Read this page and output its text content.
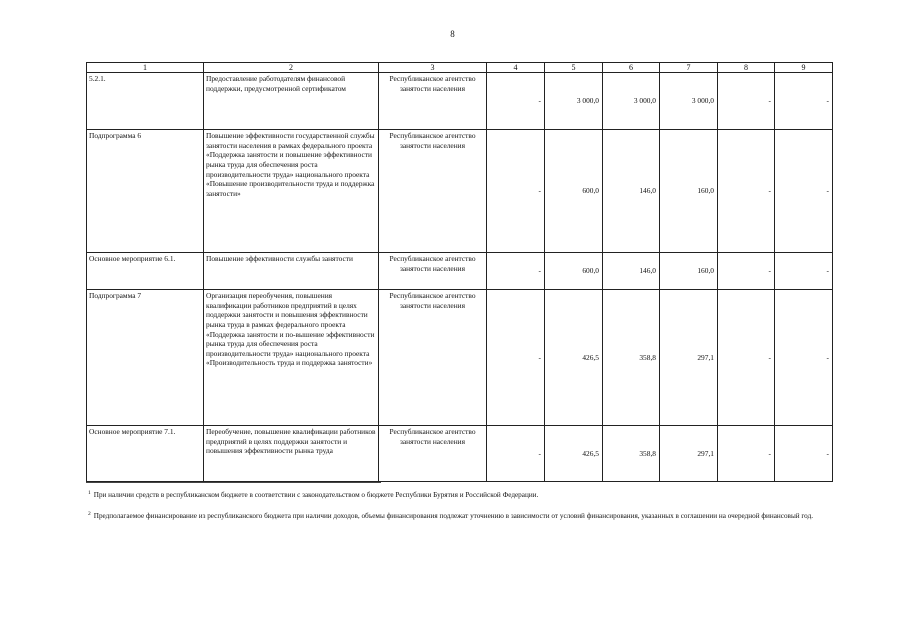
8
1	2	3	4	5	6	7	8	9
5.2.1.	Предоставление работодателям финансовой поддержки, предусмотренной сертификатом	Республиканское агентство занятости населения	-	3 000,0	3 000,0	3 000,0	-	-
Подпрограмма 6	Повышение эффективности государственной службы занятости населения в рамках федерального проекта «Поддержка занятости и повышение эффективности рынка труда для обеспечения роста производительности труда» национального проекта «Повышение производительности труда и поддержка занятости»	Республиканское агентство занятости населения	-	600,0	146,0	160,0	-	-
Основное мероприятие 6.1.	Повышение эффективности службы занятости	Республиканское агентство занятости населения	-	600,0	146,0	160,0	-	-
Подпрограмма 7	Организация переобучения, повышения квалификации работников предприятий в целях поддержки занятости и повышения эффективности рынка труда в рамках федерального проекта «Поддержка занятости и по-вышение эффективности рынка труда для обеспечения роста производительности труда» национального проекта «Производительность труда и поддержка занятости»	Республиканское агентство занятости населения	-	426,5	358,8	297,1	-	-
Основное мероприятие 7.1.	Переобучение, повышение квалификации работников предприятий в целях поддержки занятости и повышения эффективности рынка труда	Республиканское агентство занятости населения	-	426,5	358,8	297,1	-	-
$^1$ При наличии средств в республиканском бюджете в соответствии с законодательством о бюджете Республики Бурятия и Российской Федерации.
$^2$ Предполагаемое финансирование из республиканского бюджета при наличии доходов, объемы финансирования подлежат уточнению в зависимости от условий финансирования, указанных в соглашении на очередной финансовый год.
